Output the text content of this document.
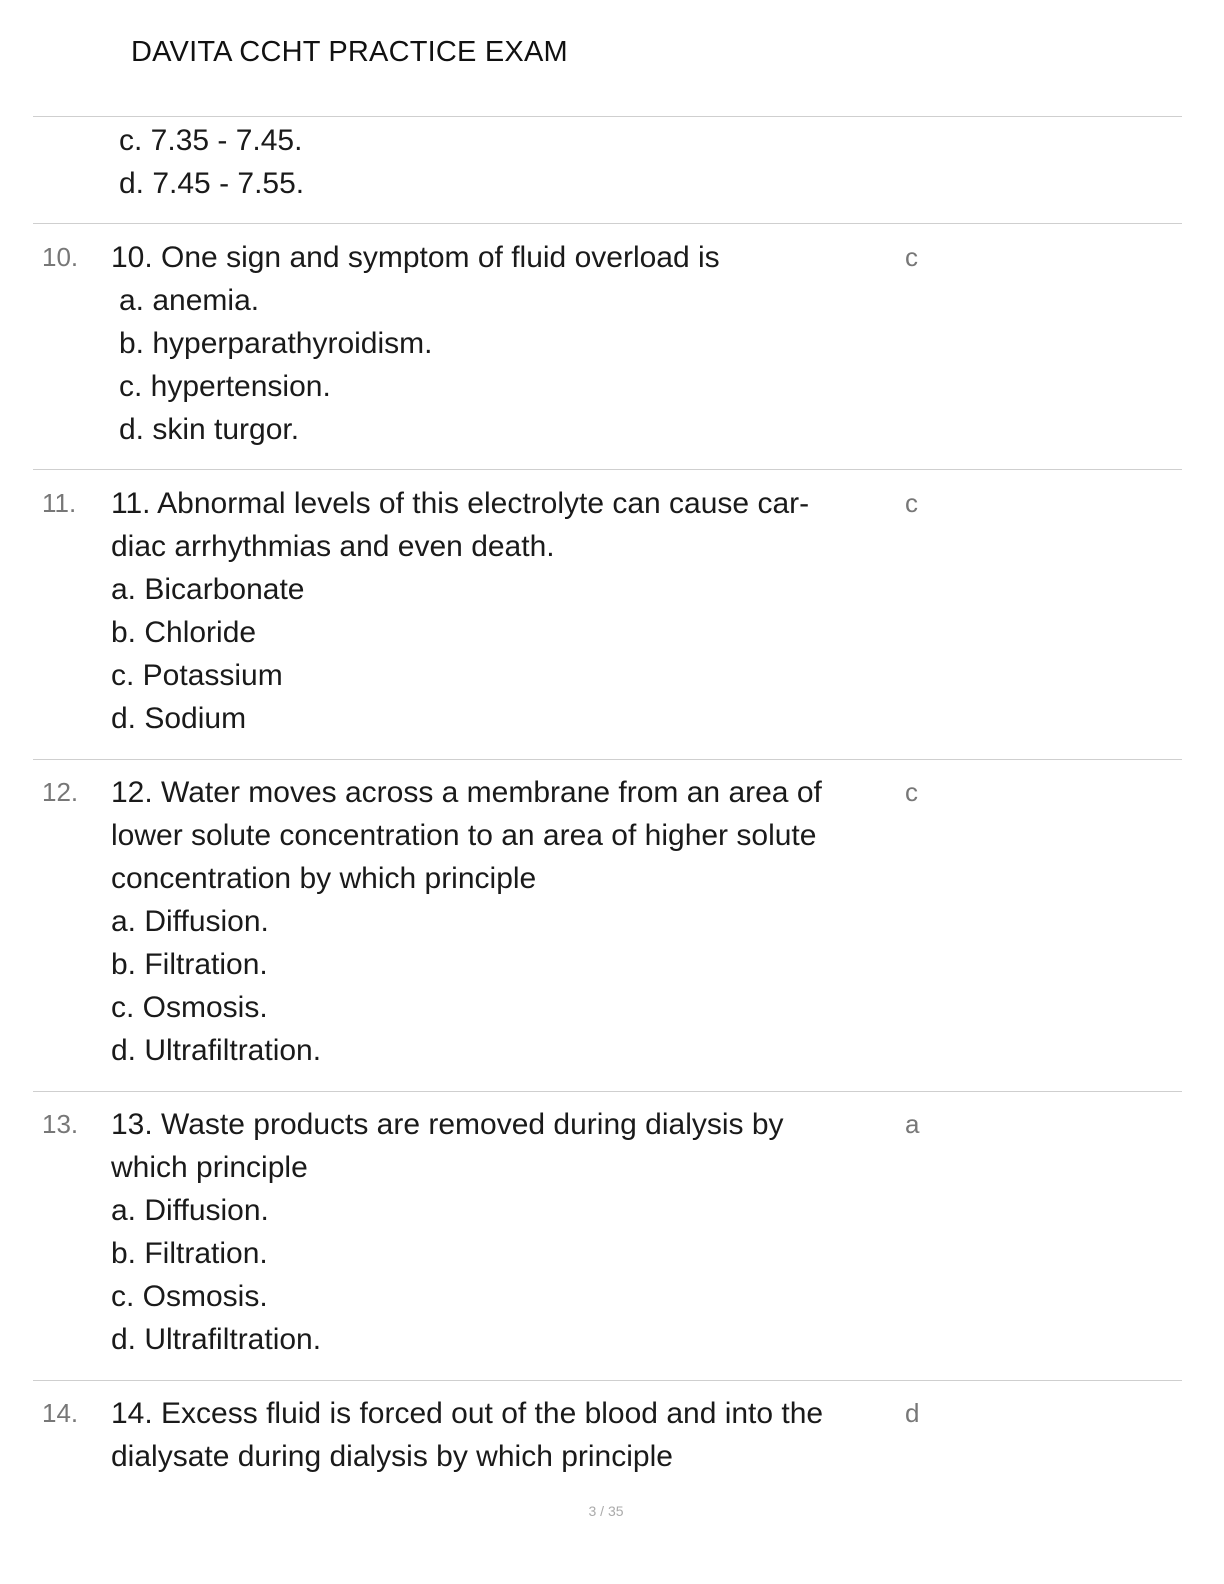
DAVITA CCHT PRACTICE EXAM
c. 7.35 - 7.45.
d. 7.45 - 7.55.
10. 10. One sign and symptom of fluid overload is
a. anemia.
b. hyperparathyroidism.
c. hypertension.
d. skin turgor.
c
11. 11. Abnormal levels of this electrolyte can cause car-
diac arrhythmias and even death.
a. Bicarbonate
b. Chloride
c. Potassium
d. Sodium
c
12. 12. Water moves across a membrane from an area of
lower solute concentration to an area of higher solute
concentration by which principle
a. Diffusion.
b. Filtration.
c. Osmosis.
d. Ultrafiltration.
c
13. 13. Waste products are removed during dialysis by
which principle
a. Diffusion.
b. Filtration.
c. Osmosis.
d. Ultrafiltration.
a
14. 14. Excess fluid is forced out of the blood and into the
dialysate during dialysis by which principle
d
3 / 35
